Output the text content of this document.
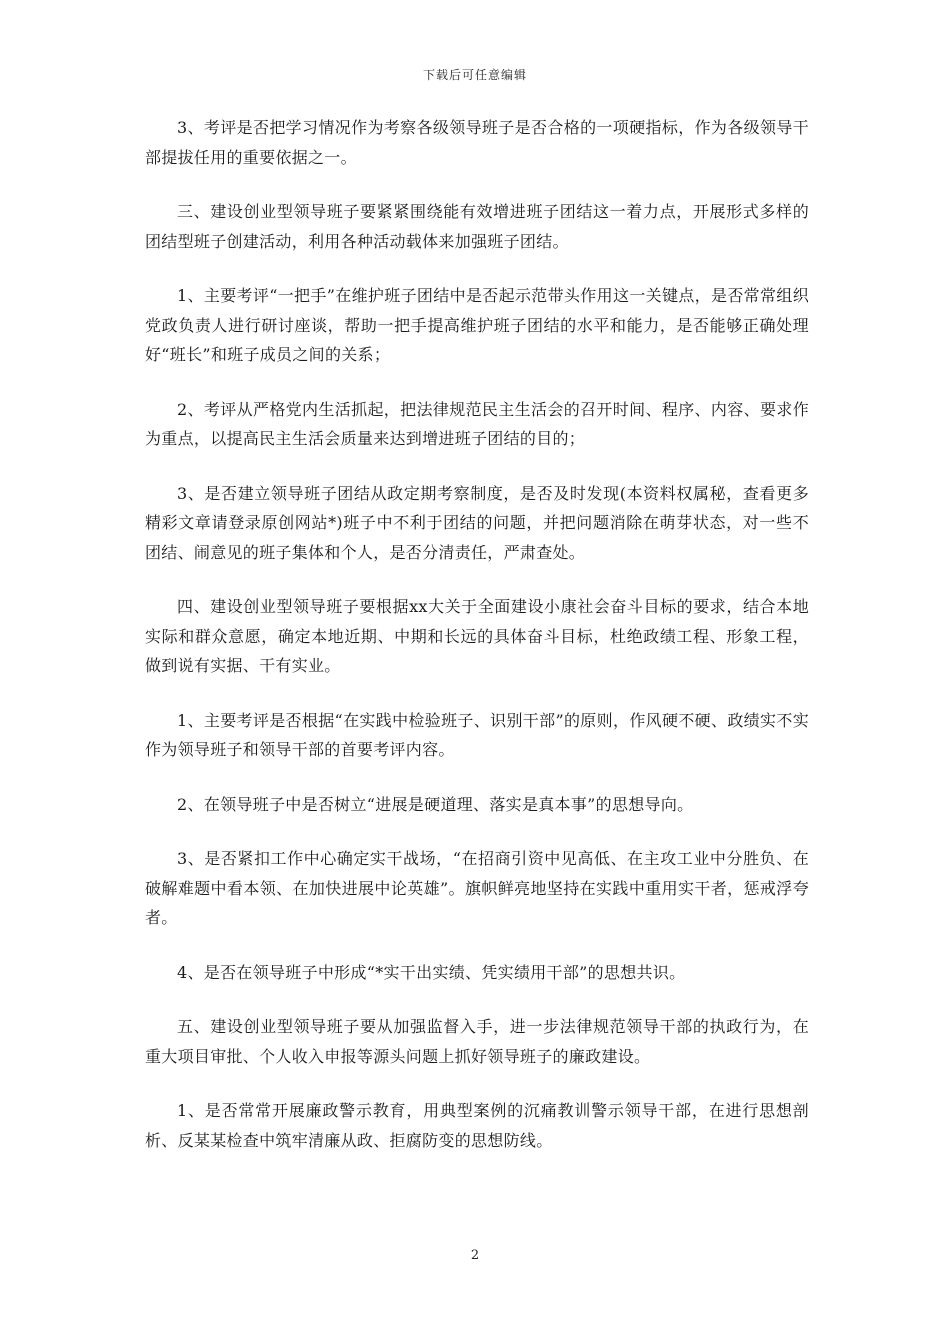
下载后可任意编辑

3、考评是否把学习情况作为考察各级领导班子是否合格的一项硬指标，作为各级领导干部提拔任用的重要依据之一。

三、建设创业型领导班子要紧紧围绕能有效增进班子团结这一着力点，开展形式多样的团结型班子创建活动，利用各种活动载体来加强班子团结。

1、主要考评“一把手”在维护班子团结中是否起示范带头作用这一关键点，是否常常组织党政负责人进行研讨座谈，帮助一把手提高维护班子团结的水平和能力，是否能够正确处理好“班长”和班子成员之间的关系；

2、考评从严格党内生活抓起，把法律规范民主生活会的召开时间、程序、内容、要求作为重点，以提高民主生活会质量来达到增进班子团结的目的；

3、是否建立领导班子团结从政定期考察制度，是否及时发现(本资料权属秘，查看更多精彩文章请登录原创网站*)班子中不利于团结的问题，并把问题消除在萌芽状态，对一些不团结、闹意见的班子集体和个人，是否分清责任，严肃查处。

四、建设创业型领导班子要根据xx大关于全面建设小康社会奋斗目标的要求，结合本地实际和群众意愿，确定本地近期、中期和长远的具体奋斗目标，杜绝政绩工程、形象工程，做到说有实据、干有实业。

1、主要考评是否根据“在实践中检验班子、识别干部”的原则，作风硬不硬、政绩实不实作为领导班子和领导干部的首要考评内容。

2、在领导班子中是否树立“进展是硬道理、落实是真本事”的思想导向。

3、是否紧扣工作中心确定实干战场，“在招商引资中见高低、在主攻工业中分胜负、在破解难题中看本领、在加快进展中论英雄”。旗帜鲜亮地坚持在实践中重用实干者，惩戒浮夸者。

4、是否在领导班子中形成“*实干出实绩、凭实绩用干部”的思想共识。

五、建设创业型领导班子要从加强监督入手，进一步法律规范领导干部的执政行为，在重大项目审批、个人收入申报等源头问题上抓好领导班子的廉政建设。

1、是否常常开展廉政警示教育，用典型案例的沉痛教训警示领导干部，在进行思想剖析、反某某检查中筑牢清廉从政、拒腐防变的思想防线。

2
